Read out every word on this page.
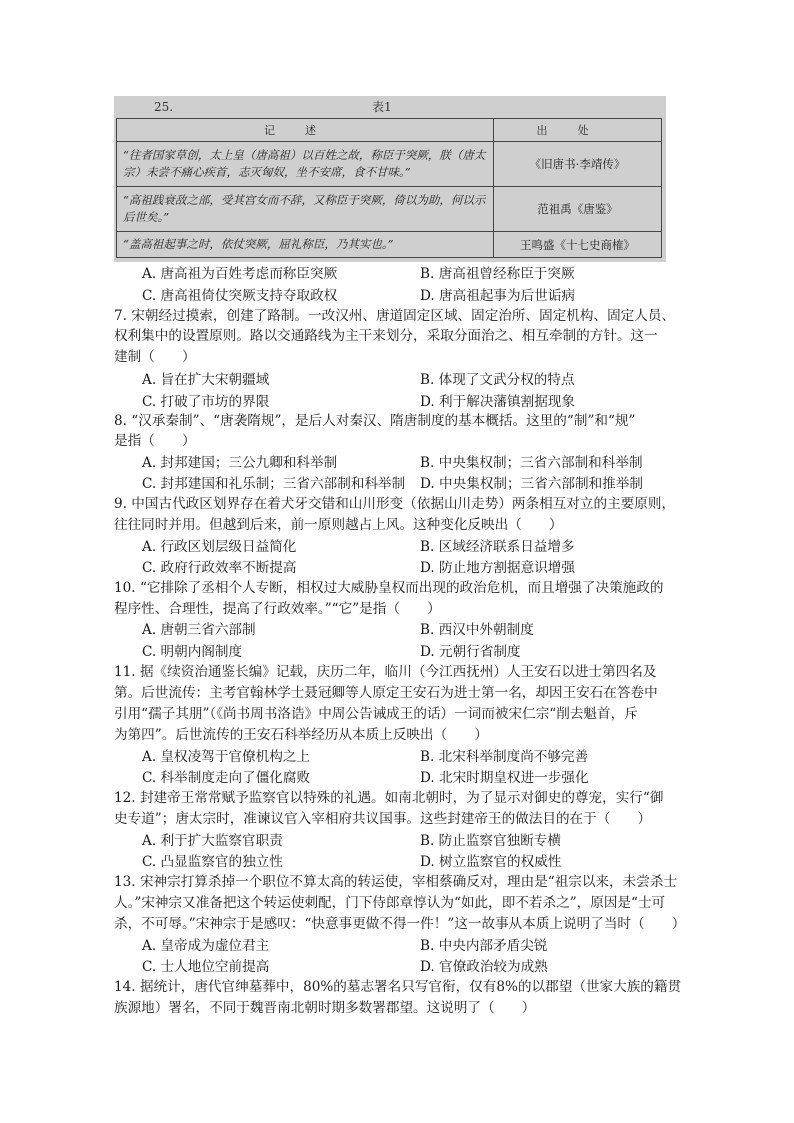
25.	表1
记述	出处
“往者国家草创，太上皇（唐高祖）以百姓之故，称臣于突厥，朕（唐太宗）未尝不痛心疾首，志灭匈奴，坐不安席，食不甘味。”	《旧唐书·李靖传》
“高祖践衰敌之部，受其宫女而不辞，又称臣于突厥，倚以为助，何以示后世矣。”	范祖禹《唐鉴》
“盖高祖起事之时，依仗突厥，屈礼称臣，乃其实也。”	王鸣盛《十七史商榷》
A. 唐高祖为百姓考虑而称臣突厥	B. 唐高祖曾经称臣于突厥
C. 唐高祖倚仗突厥支持夺取政权	D. 唐高祖起事为后世诟病
7. 宋朝经过摸索，创建了路制。一改汉州、唐道固定区域、固定治所、固定机构、固定人员、
权利集中的设置原则。路以交通路线为主干来划分，采取分面治之、相互牵制的方针。这一
建制（　　）
A. 旨在扩大宋朝疆域	B. 体现了文武分权的特点
C. 打破了市坊的界限	D. 利于解决藩镇割据现象
8. “汉承秦制”、“唐袭隋规”，是后人对秦汉、隋唐制度的基本概括。这里的“制”和“规”
是指（　　）
A. 封邦建国；三公九卿和科举制	B. 中央集权制；三省六部制和科举制
C. 封邦建国和礼乐制；三省六部制和科举制 D. 中央集权制；三省六部制和推举制
9. 中国古代政区划界存在着犬牙交错和山川形变（依据山川走势）两条相互对立的主要原则，
往往同时并用。但越到后来，前一原则越占上风。这种变化反映出（　　）
A. 行政区划层级日益简化	B. 区域经济联系日益增多
C. 政府行政效率不断提高	D. 防止地方割据意识增强
10. “它排除了丞相个人专断，相权过大威胁皇权而出现的政治危机，而且增强了决策施政的
程序性、合理性，提高了行政效率。”“它”是指（　　）
A. 唐朝三省六部制	B. 西汉中外朝制度
C. 明朝内阁制度	D. 元朝行省制度
11. 据《续资治通鉴长编》记载，庆历二年，临川（今江西抚州）人王安石以进士第四名及
第。后世流传：主考官翰林学士聂冠卿等人原定王安石为进士第一名，却因王安石在答卷中
引用“孺子其朋”（《尚书周书洛诰》中周公告诫成王的话）一词而被宋仁宗“削去魁首，斥
为第四”。后世流传的王安石科举经历从本质上反映出（　　）
A. 皇权凌驾于官僚机构之上	B. 北宋科举制度尚不够完善
C. 科举制度走向了僵化腐败	D. 北宋时期皇权进一步强化
12. 封建帝王常常赋予监察官以特殊的礼遇。如南北朝时，为了显示对御史的尊宠，实行“御
史专道”；唐太宗时，准谏议官入宰相府共议国事。这些封建帝王的做法目的在于（　　）
A. 利于扩大监察官职责	B. 防止监察官独断专横
C. 凸显监察官的独立性	D. 树立监察官的权威性
13. 宋神宗打算杀掉一个职位不算太高的转运使，宰相蔡确反对，理由是“祖宗以来，未尝杀士
人。”宋神宗又准备把这个转运使刺配，门下侍郎章惇认为“如此，即不若杀之”，原因是“士可
杀，不可辱。”宋神宗于是感叹：“快意事更做不得一件！”这一故事从本质上说明了当时（　　）
A. 皇帝成为虚位君主	B. 中央内部矛盾尖锐
C. 士人地位空前提高	D. 官僚政治较为成熟
14. 据统计，唐代官绅墓葬中，80%的墓志署名只写官衔，仅有8%的以郡望（世家大族的籍贯
族源地）署名，不同于魏晋南北朝时期多数署郡望。这说明了（　　）
